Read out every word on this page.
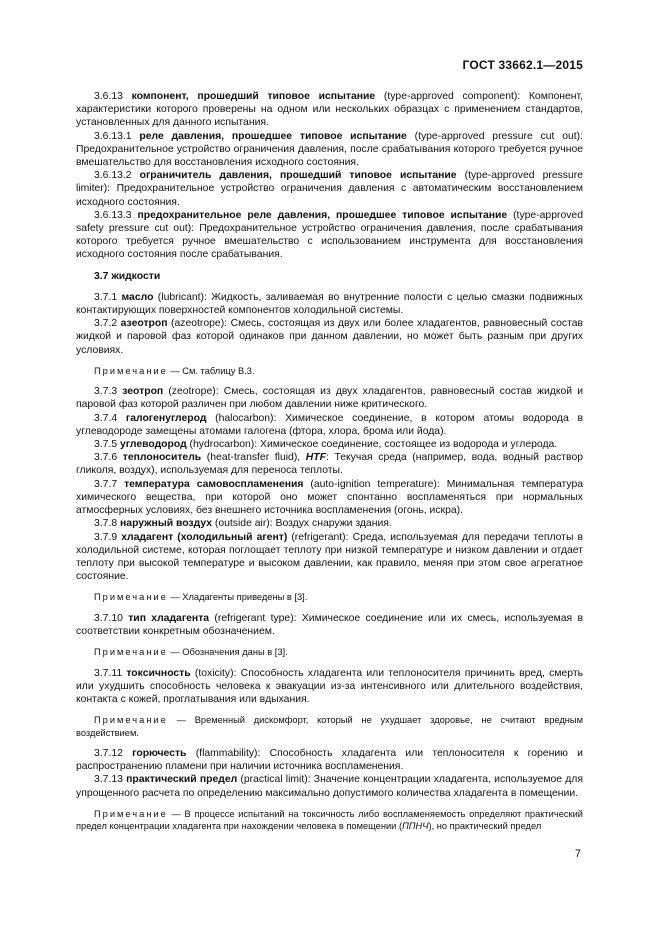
ГОСТ 33662.1—2015

3.6.13 компонент, прошедший типовое испытание (type-approved component): Компонент, характеристики которого проверены на одном или нескольких образцах с применением стандартов, установленных для данного испытания.

3.6.13.1 реле давления, прошедшее типовое испытание (type-approved pressure cut out): Предохранительное устройство ограничения давления, после срабатывания которого требуется ручное вмешательство для восстановления исходного состояния.

3.6.13.2 ограничитель давления, прошедший типовое испытание (type-approved pressure limiter): Предохранительное устройство ограничения давления с автоматическим восстановлением исходного состояния.

3.6.13.3 предохранительное реле давления, прошедшее типовое испытание (type-approved safety pressure cut out): Предохранительное устройство ограничения давления, после срабатывания которого требуется ручное вмешательство с использованием инструмента для восстановления исходного состояния после срабатывания.

3.7 жидкости

3.7.1 масло (lubricant): Жидкость, заливаемая во внутренние полости с целью смазки подвижных контактирующих поверхностей компонентов холодильной системы.

3.7.2 азеотроп (azeotrope): Смесь, состоящая из двух или более хладагентов, равновесный состав жидкой и паровой фаз которой одинаков при данном давлении, но может быть разным при других условиях.

Примечание — См. таблицу В.3.

3.7.3 зеотроп (zeotrope): Смесь, состоящая из двух хладагентов, равновесный состав жидкой и паровой фаз которой различен при любом давлении ниже критического.

3.7.4 галогенуглерод (halocarbon): Химическое соединение, в котором атомы водорода в углеводороде замещены атомами галогена (фтора, хлора, брома или йода).

3.7.5 углеводород (hydrocarbon): Химическое соединение, состоящее из водорода и углерода.

3.7.6 теплоноситель (heat-transfer fluid), HTF: Текучая среда (например, вода, водный раствор гликоля, воздух), используемая для переноса теплоты.

3.7.7 температура самовоспламенения (auto-ignition temperature): Минимальная температура химического вещества, при которой оно может спонтанно воспламеняться при нормальных атмосферных условиях, без внешнего источника воспламенения (огонь, искра).

3.7.8 наружный воздух (outside air): Воздух снаружи здания.

3.7.9 хладагент (холодильный агент) (refrigerant): Среда, используемая для передачи теплоты в холодильной системе, которая поглощает теплоту при низкой температуре и низком давлении и отдает теплоту при высокой температуре и высоком давлении, как правило, меняя при этом свое агрегатное состояние.

Примечание — Хладагенты приведены в [3].

3.7.10 тип хладагента (refrigerant type): Химическое соединение или их смесь, используемая в соответствии конкретным обозначением.

Примечание — Обозначения даны в [3].

3.7.11 токсичность (toxicity): Способность хладагента или теплоносителя причинить вред, смерть или ухудшить способность человека к эвакуации из-за интенсивного или длительного воздействия, контакта с кожей, проглатывания или вдыхания.

Примечание — Временный дискомфорт, который не ухудшает здоровье, не считают вредным воздействием.

3.7.12 горючесть (flammability): Способность хладагента или теплоносителя к горению и распространению пламени при наличии источника воспламенения.

3.7.13 практический предел (practical limit): Значение концентрации хладагента, используемое для упрощенного расчета по определению максимально допустимого количества хладагента в помещении.

Примечание — В процессе испытаний на токсичность либо воспламеняемость определяют практический предел концентрации хладагента при нахождении человека в помещении (ППНЧ), но практический предел

7
